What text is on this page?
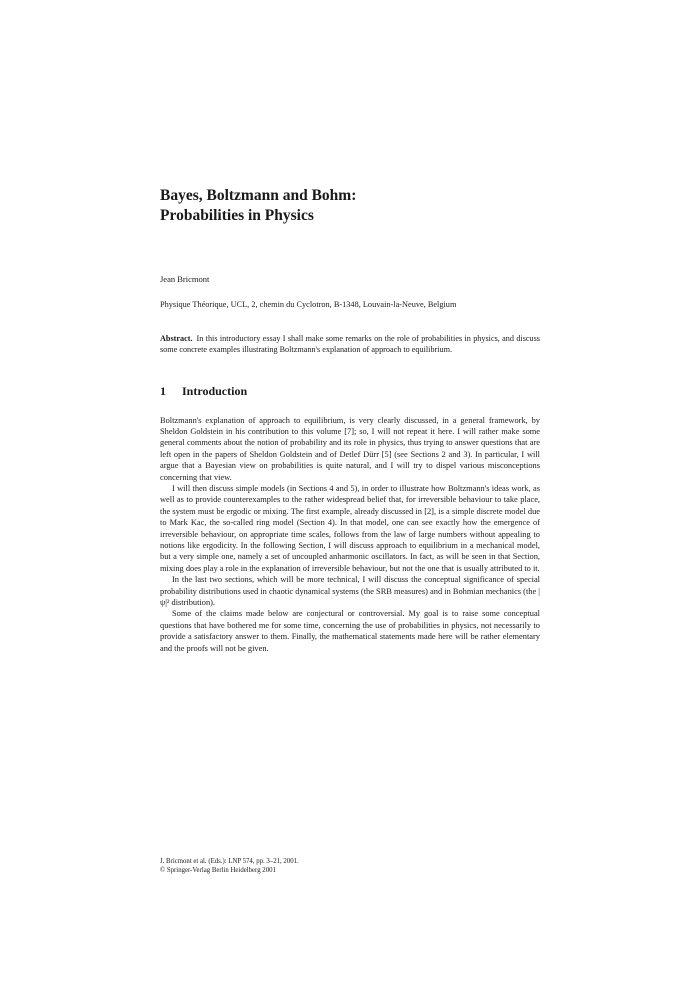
Bayes, Boltzmann and Bohm:
Probabilities in Physics
Jean Bricmont
Physique Théorique, UCL, 2, chemin du Cyclotron, B-1348, Louvain-la-Neuve, Belgium
Abstract. In this introductory essay I shall make some remarks on the role of probabilities in physics, and discuss some concrete examples illustrating Boltzmann's explanation of approach to equilibrium.
1	Introduction

Boltzmann's explanation of approach to equilibrium, is very clearly discussed, in a general framework, by Sheldon Goldstein in his contribution to this volume [7]; so, I will not repeat it here. I will rather make some general comments about the notion of probability and its role in physics, thus trying to answer questions that are left open in the papers of Sheldon Goldstein and of Detlef Dürr [5] (see Sections 2 and 3). In particular, I will argue that a Bayesian view on probabilities is quite natural, and I will try to dispel various misconceptions concerning that view.

I will then discuss simple models (in Sections 4 and 5), in order to illustrate how Boltzmann's ideas work, as well as to provide counterexamples to the rather widespread belief that, for irreversible behaviour to take place, the system must be ergodic or mixing. The first example, already discussed in [2], is a simple discrete model due to Mark Kac, the so-called ring model (Section 4). In that model, one can see exactly how the emergence of irreversible behaviour, on appropriate time scales, follows from the law of large numbers without appealing to notions like ergodicity. In the following Section, I will discuss approach to equilibrium in a mechanical model, but a very simple one, namely a set of uncoupled anharmonic oscillators. In fact, as will be seen in that Section, mixing does play a role in the explanation of irreversible behaviour, but not the one that is usually attributed to it.

In the last two sections, which will be more technical, I will discuss the conceptual significance of special probability distributions used in chaotic dynamical systems (the SRB measures) and in Bohmian mechanics (the |ψ|² distribution).

Some of the claims made below are conjectural or controversial. My goal is to raise some conceptual questions that have bothered me for some time, concerning the use of probabilities in physics, not necessarily to provide a satisfactory answer to them. Finally, the mathematical statements made here will be rather elementary and the proofs will not be given.

J. Bricmont et al. (Eds.): LNP 574, pp. 3–21, 2001.
© Springer-Verlag Berlin Heidelberg 2001
